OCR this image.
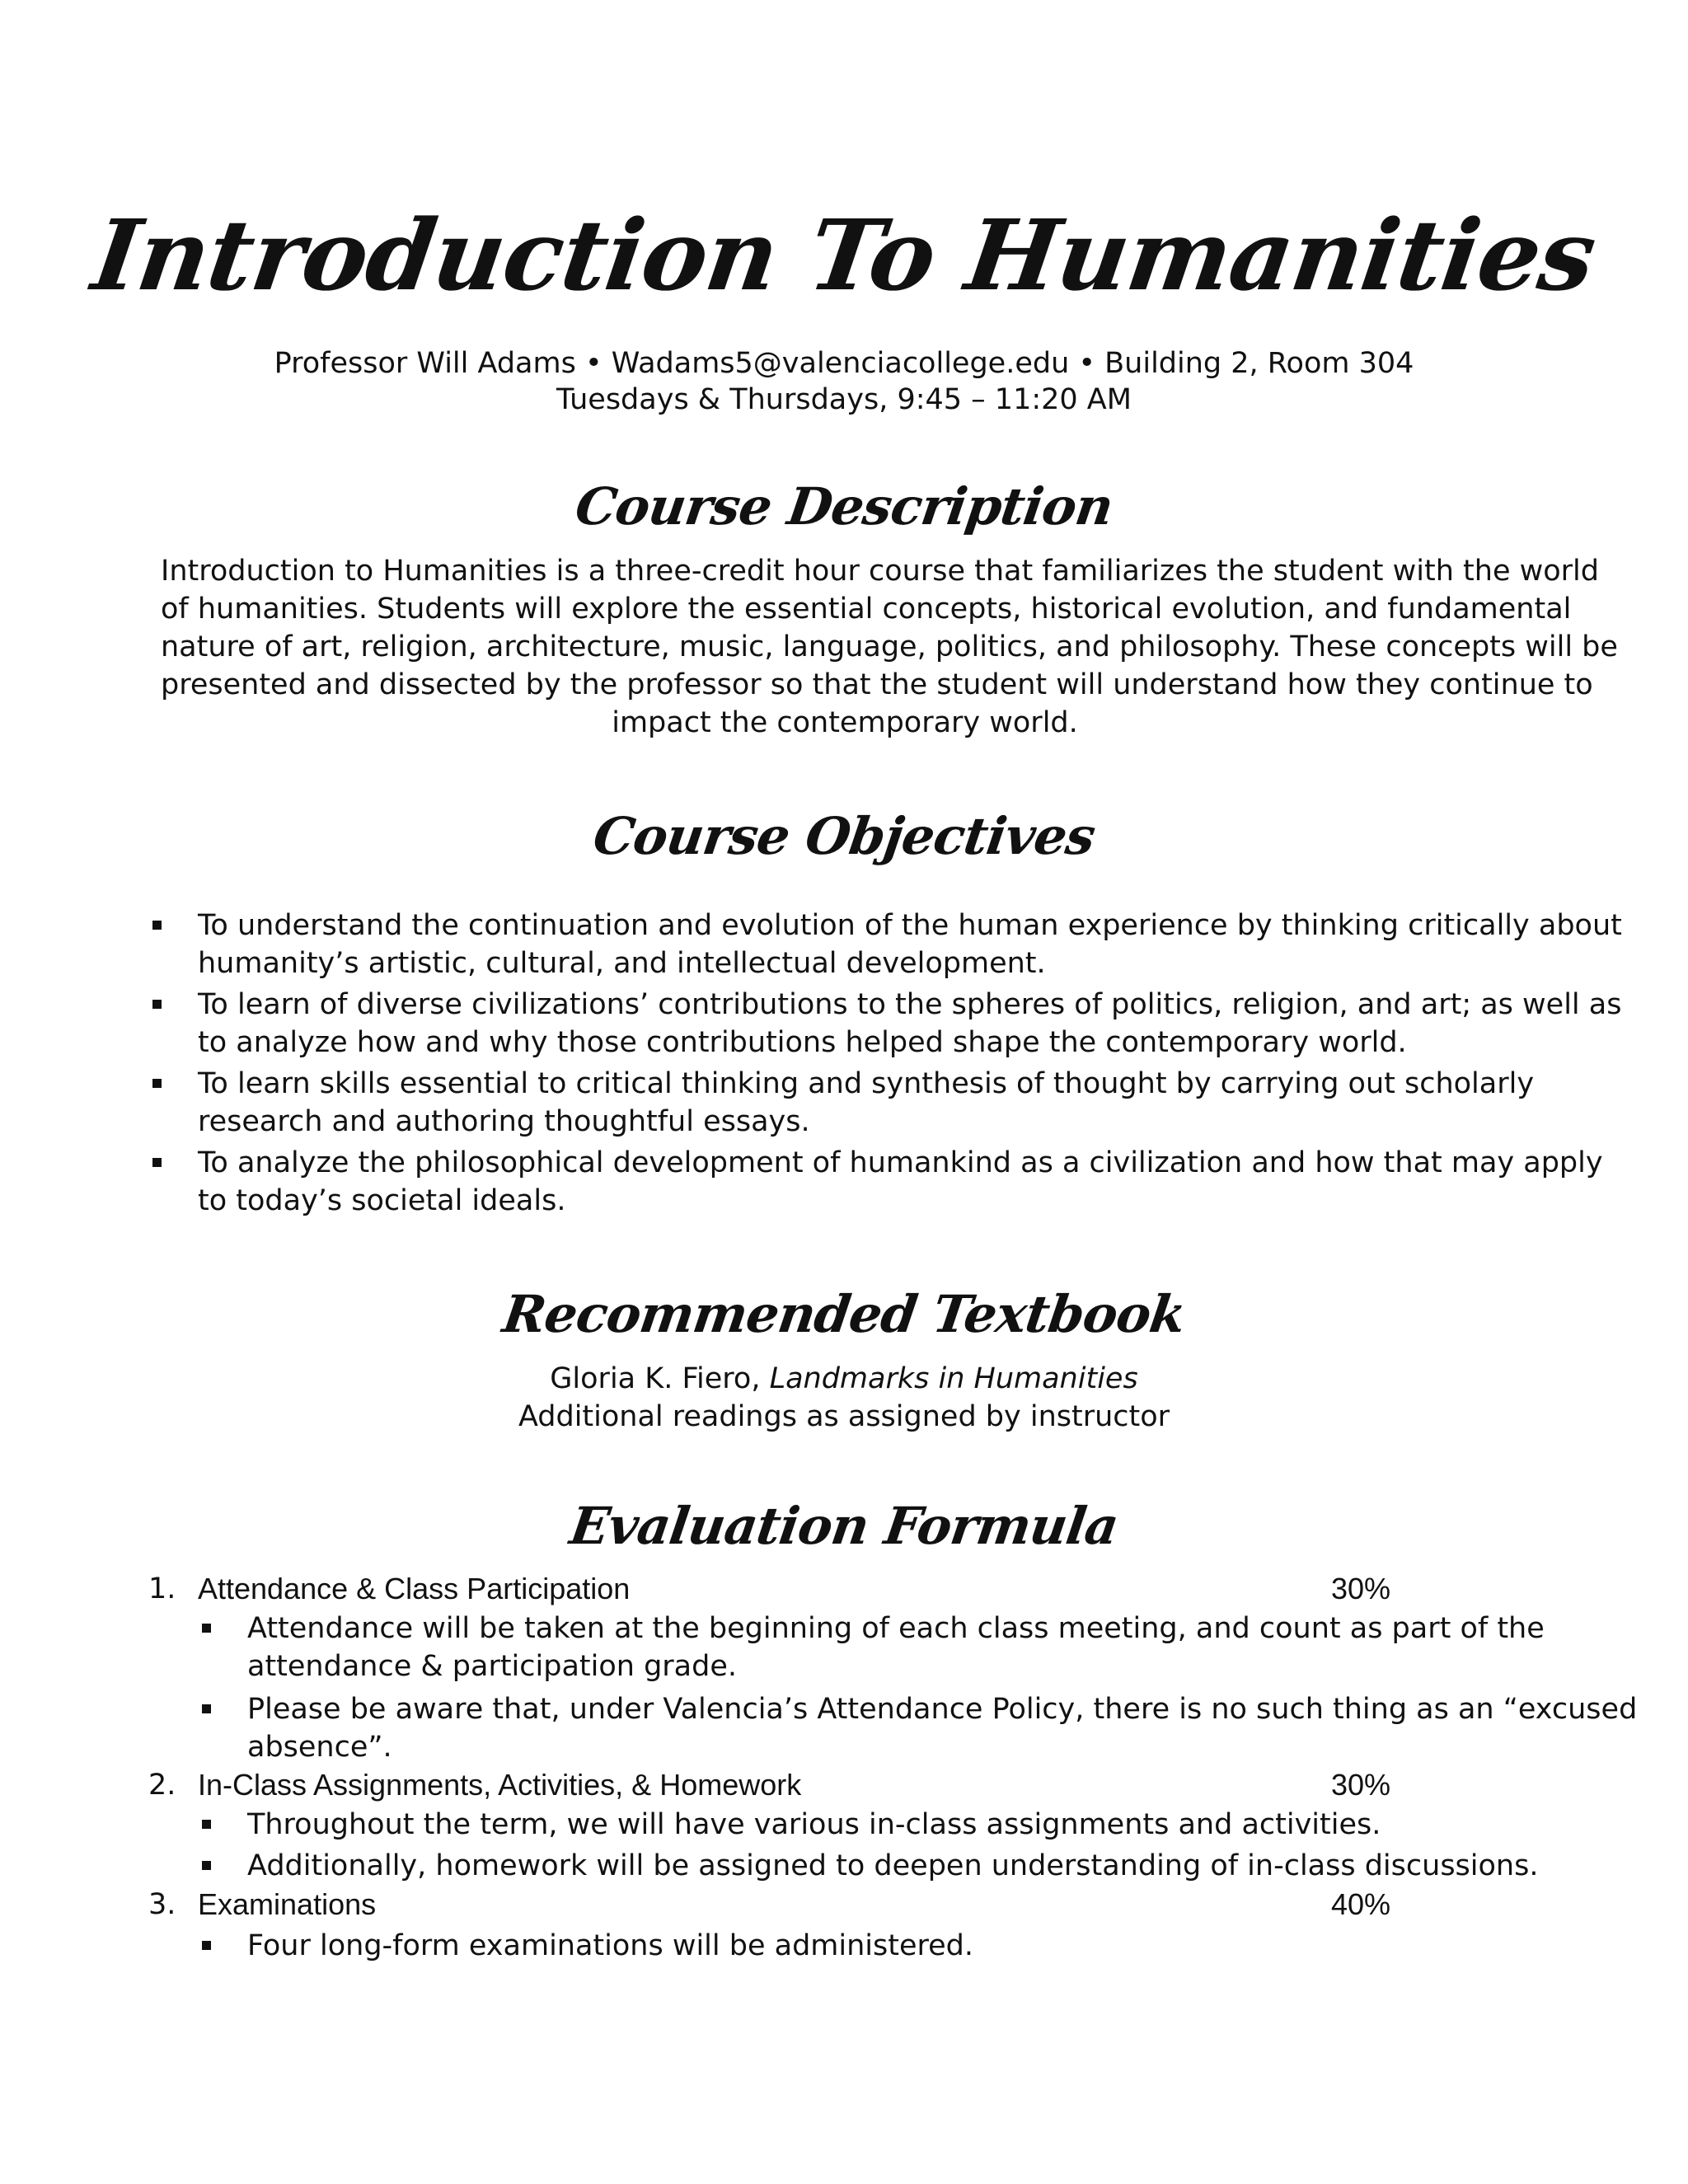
Introduction To Humanities
Professor Will Adams • Wadams5@valenciacollege.edu • Building 2, Room 304
Tuesdays & Thursdays, 9:45 – 11:20 AM
Course Description
Introduction to Humanities is a three-credit hour course that familiarizes the student with the world
of humanities. Students will explore the essential concepts, historical evolution, and fundamental
nature of art, religion, architecture, music, language, politics, and philosophy. These concepts will be
presented and dissected by the professor so that the student will understand how they continue to
impact the contemporary world.
Course Objectives
To understand the continuation and evolution of the human experience by thinking critically about
humanity’s artistic, cultural, and intellectual development.
To learn of diverse civilizations’ contributions to the spheres of politics, religion, and art; as well as
to analyze how and why those contributions helped shape the contemporary world.
To learn skills essential to critical thinking and synthesis of thought by carrying out scholarly
research and authoring thoughtful essays.
To analyze the philosophical development of humankind as a civilization and how that may apply
to today’s societal ideals.
Recommended Textbook
Gloria K. Fiero, Landmarks in Humanities
Additional readings as assigned by instructor
Evaluation Formula
1. Attendance & Class Participation	30%
Attendance will be taken at the beginning of each class meeting, and count as part of the
attendance & participation grade.
Please be aware that, under Valencia’s Attendance Policy, there is no such thing as an “excused
absence”.
2. In-Class Assignments, Activities, & Homework	30%
Throughout the term, we will have various in-class assignments and activities.
Additionally, homework will be assigned to deepen understanding of in-class discussions.
3. Examinations	40%
Four long-form examinations will be administered.
